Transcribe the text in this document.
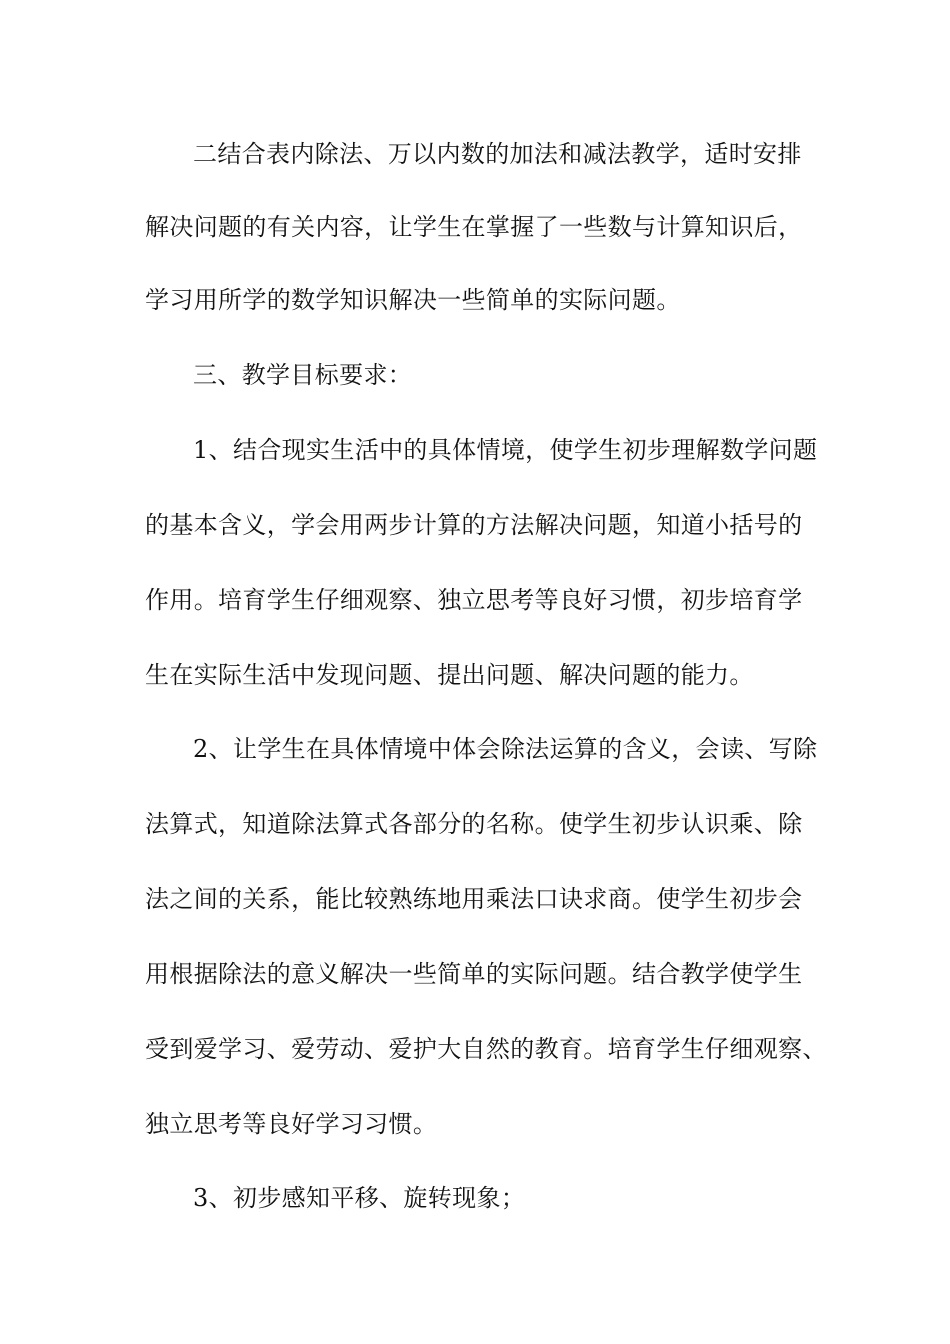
二结合表内除法、万以内数的加法和减法教学，适时安排
解决问题的有关内容，让学生在掌握了一些数与计算知识后，
学习用所学的数学知识解决一些简单的实际问题。
三、教学目标要求：
1、结合现实生活中的具体情境，使学生初步理解数学问题
的基本含义，学会用两步计算的方法解决问题，知道小括号的
作用。培育学生仔细观察、独立思考等良好习惯，初步培育学
生在实际生活中发现问题、提出问题、解决问题的能力。
2、让学生在具体情境中体会除法运算的含义，会读、写除
法算式，知道除法算式各部分的名称。使学生初步认识乘、除
法之间的关系，能比较熟练地用乘法口诀求商。使学生初步会
用根据除法的意义解决一些简单的实际问题。结合教学使学生
受到爱学习、爱劳动、爱护大自然的教育。培育学生仔细观察、
独立思考等良好学习习惯。
3、初步感知平移、旋转现象；
